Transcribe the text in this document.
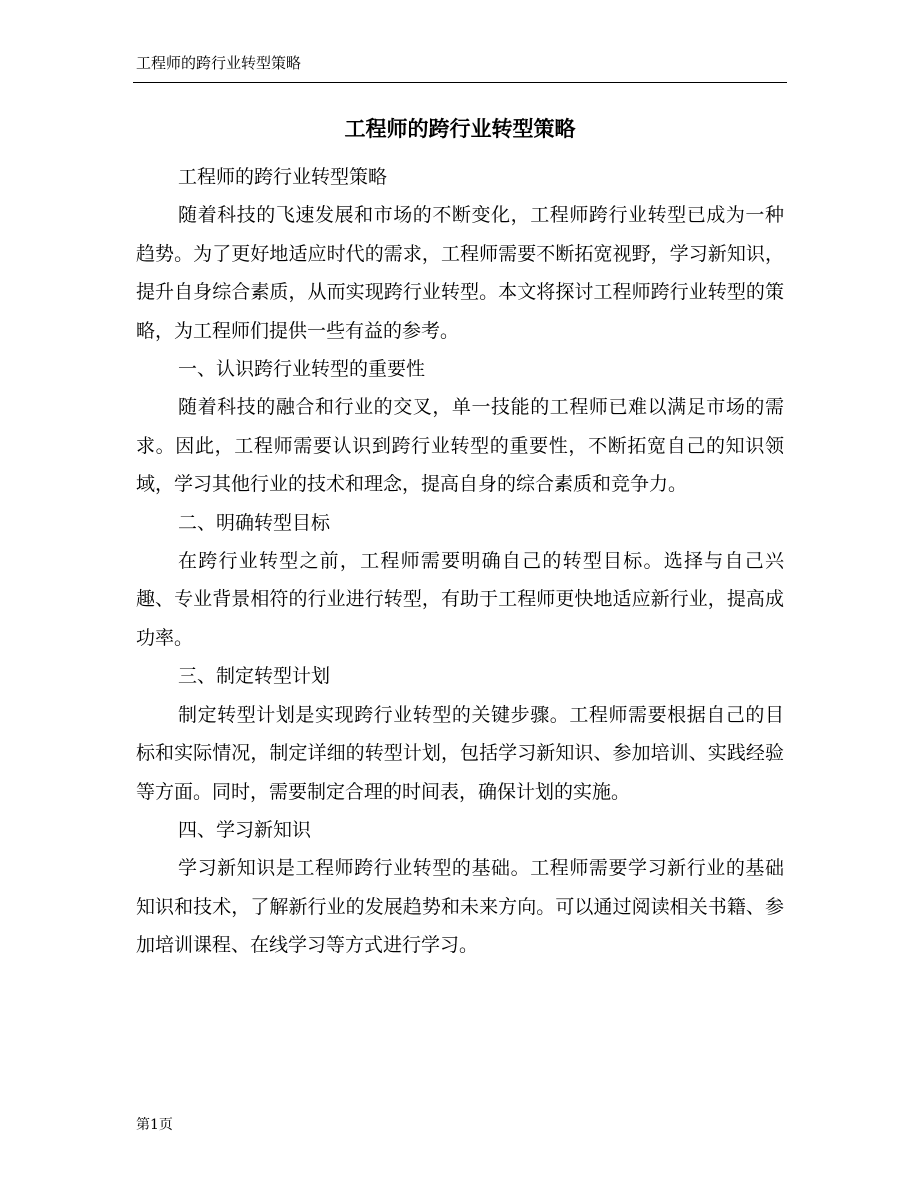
工程师的跨行业转型策略
工程师的跨行业转型策略

工程师的跨行业转型策略

随着科技的飞速发展和市场的不断变化，工程师跨行业转型已成为一种趋势。为了更好地适应时代的需求，工程师需要不断拓宽视野，学习新知识，提升自身综合素质，从而实现跨行业转型。本文将探讨工程师跨行业转型的策略，为工程师们提供一些有益的参考。

一、认识跨行业转型的重要性

随着科技的融合和行业的交叉，单一技能的工程师已难以满足市场的需求。因此，工程师需要认识到跨行业转型的重要性，不断拓宽自己的知识领域，学习其他行业的技术和理念，提高自身的综合素质和竞争力。

二、明确转型目标

在跨行业转型之前，工程师需要明确自己的转型目标。选择与自己兴趣、专业背景相符的行业进行转型，有助于工程师更快地适应新行业，提高成功率。

三、制定转型计划

制定转型计划是实现跨行业转型的关键步骤。工程师需要根据自己的目标和实际情况，制定详细的转型计划，包括学习新知识、参加培训、实践经验等方面。同时，需要制定合理的时间表，确保计划的实施。

四、学习新知识

学习新知识是工程师跨行业转型的基础。工程师需要学习新行业的基础知识和技术，了解新行业的发展趋势和未来方向。可以通过阅读相关书籍、参加培训课程、在线学习等方式进行学习。

第1页
